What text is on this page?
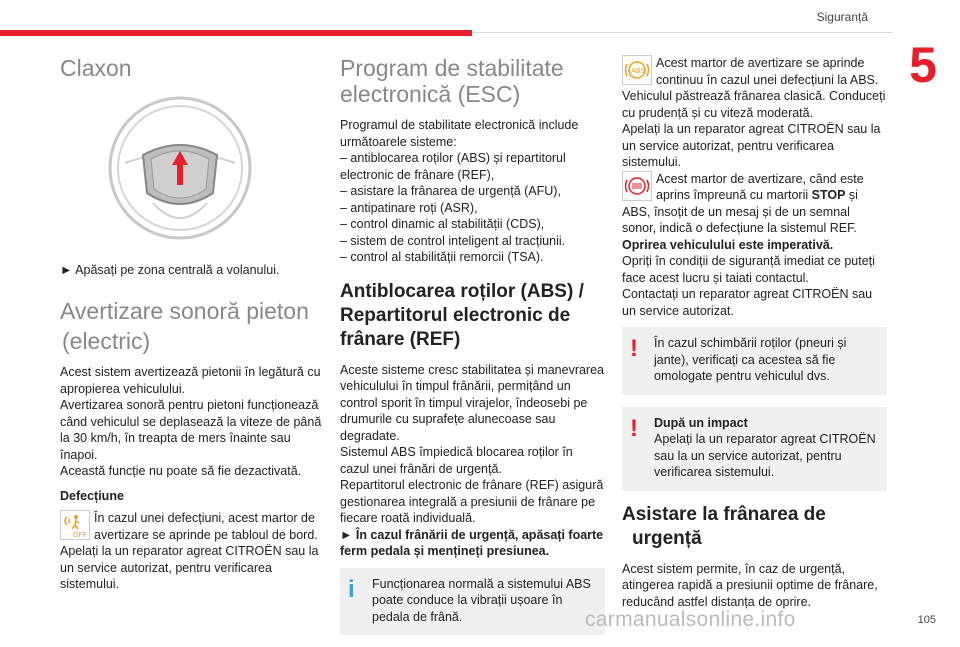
Siguranță
5
105
Claxon

► Apăsați pe zona centrală a volanului.

Avertizare sonoră pieton
(electric)

Acest sistem avertizează pietonii în legătură cu apropierea vehiculului.

Avertizarea sonoră pentru pietoni funcționează când vehiculul se deplasează la viteze de până la 30 km/h, în treapta de mers înainte sau înapoi.

Această funcție nu poate să fie dezactivată.

Defecțiune

OFF

În cazul unei defecțiuni, acest martor de avertizare se aprinde pe tabloul de bord.

Apelați la un reparator agreat CITROËN sau la un service autorizat, pentru verificarea sistemului.

Program de stabilitate
electronică (ESC)

Programul de stabilitate electronică include următoarele sisteme:

– antiblocarea roților (ABS) și repartitorul electronic de frânare (REF),

– asistare la frânarea de urgență (AFU),

– antipatinare roți (ASR),

– control dinamic al stabilității (CDS),

– sistem de control inteligent al tracțiunii.

– control al stabilității remorcii (TSA).

Antiblocarea roților (ABS) / Repartitorul electronic de frânare (REF)

Aceste sisteme cresc stabilitatea și manevrarea vehiculului în timpul frânării, permițând un control sporit în timpul virajelor, îndeosebi pe drumurile cu suprafețe alunecoase sau degradate.

Sistemul ABS împiedică blocarea roților în cazul unei frânări de urgență.

Repartitorul electronic de frânare (REF) asigură gestionarea integrală a presiunii de frânare pe fiecare roată individuală.

► În cazul frânării de urgență, apăsați foarte ferm pedala și mențineți presiunea.

i	Funcționarea normală a sistemului ABS poate conduce la vibrații ușoare în pedala de frână.

ABS

Acest martor de avertizare se aprinde continuu în cazul unei defecțiuni la ABS.

Vehiculul păstrează frânarea clasică. Conduceți cu prudență și cu viteză moderată.

Apelați la un reparator agreat CITROËN sau la un service autorizat, pentru verificarea sistemului.

Acest martor de avertizare, când este aprins împreună cu martorii STOP și ABS, însoțit de un mesaj și de un semnal sonor, indică o defecțiune la sistemul REF.

Oprirea vehiculului este imperativă.

Opriți în condiții de siguranță imediat ce puteți face acest lucru și taiati contactul.

Contactați un reparator agreat CITROËN sau un service autorizat.

!	În cazul schimbării roților (pneuri și jante), verificați ca acestea să fie omologate pentru vehiculul dvs.

!	După un impact

Apelați la un reparator agreat CITROËN sau la un service autorizat, pentru verificarea sistemului.

Asistare la frânarea de
urgență

Acest sistem permite, în caz de urgență, atingerea rapidă a presiunii optime de frânare, reducând astfel distanța de oprire.

carmanualsonline.info
